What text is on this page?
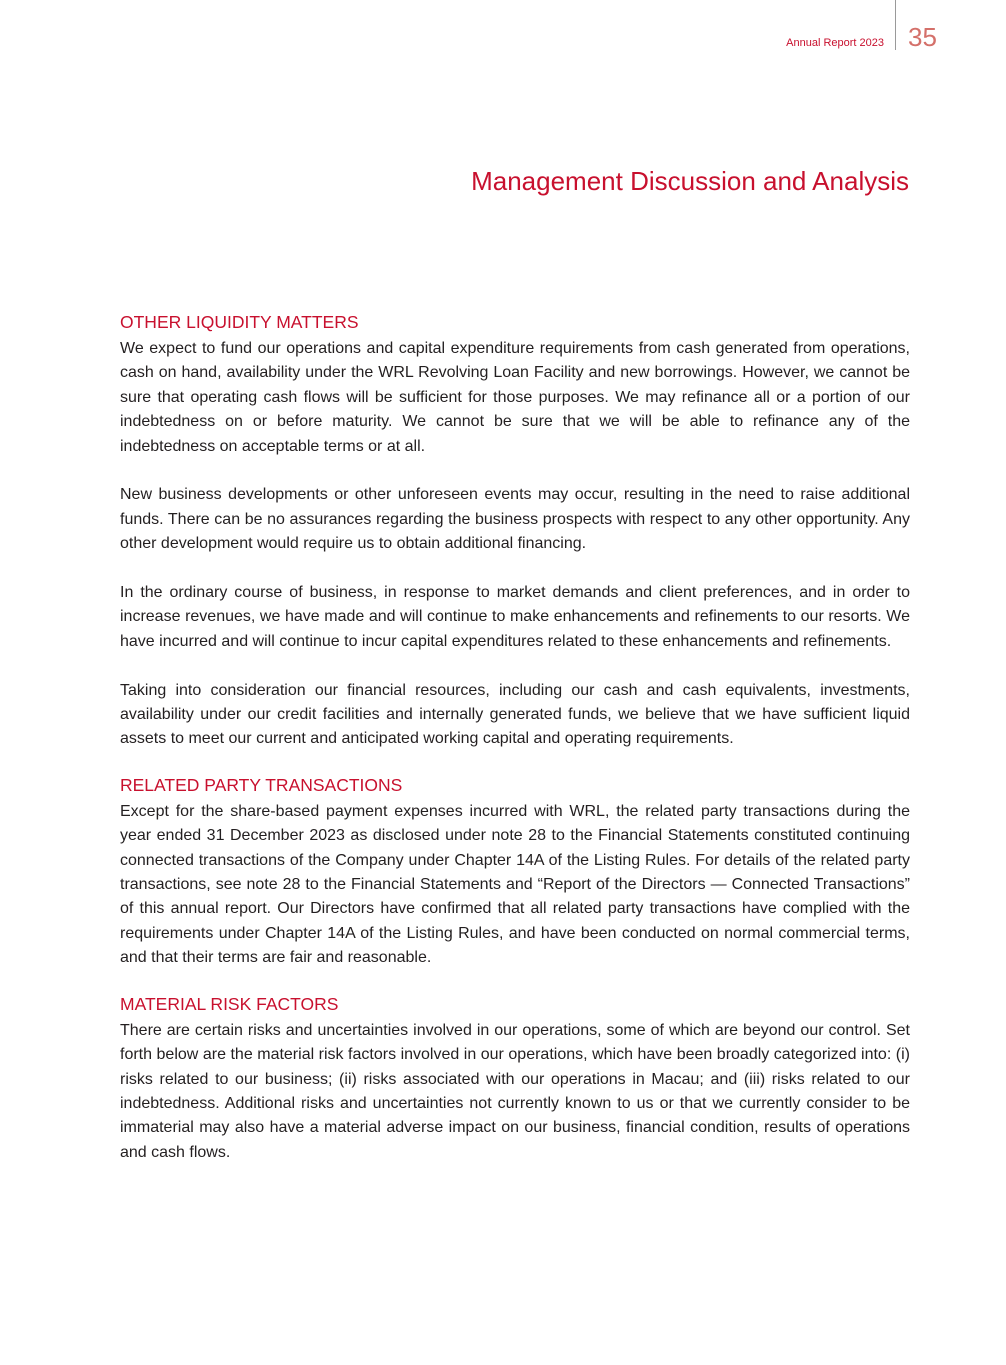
Annual Report 2023 35
Management Discussion and Analysis
OTHER LIQUIDITY MATTERS

We expect to fund our operations and capital expenditure requirements from cash generated from operations, cash on hand, availability under the WRL Revolving Loan Facility and new borrowings. However, we cannot be sure that operating cash flows will be sufficient for those purposes. We may refinance all or a portion of our indebtedness on or before maturity. We cannot be sure that we will be able to refinance any of the indebtedness on acceptable terms or at all.

New business developments or other unforeseen events may occur, resulting in the need to raise additional funds. There can be no assurances regarding the business prospects with respect to any other opportunity. Any other development would require us to obtain additional financing.

In the ordinary course of business, in response to market demands and client preferences, and in order to increase revenues, we have made and will continue to make enhancements and refinements to our resorts. We have incurred and will continue to incur capital expenditures related to these enhancements and refinements.

Taking into consideration our financial resources, including our cash and cash equivalents, investments, availability under our credit facilities and internally generated funds, we believe that we have sufficient liquid assets to meet our current and anticipated working capital and operating requirements.

RELATED PARTY TRANSACTIONS

Except for the share-based payment expenses incurred with WRL, the related party transactions during the year ended 31 December 2023 as disclosed under note 28 to the Financial Statements constituted continuing connected transactions of the Company under Chapter 14A of the Listing Rules. For details of the related party transactions, see note 28 to the Financial Statements and “Report of the Directors — Connected Transactions” of this annual report. Our Directors have confirmed that all related party transactions have complied with the requirements under Chapter 14A of the Listing Rules, and have been conducted on normal commercial terms, and that their terms are fair and reasonable.

MATERIAL RISK FACTORS

There are certain risks and uncertainties involved in our operations, some of which are beyond our control. Set forth below are the material risk factors involved in our operations, which have been broadly categorized into: (i) risks related to our business; (ii) risks associated with our operations in Macau; and (iii) risks related to our indebtedness. Additional risks and uncertainties not currently known to us or that we currently consider to be immaterial may also have a material adverse impact on our business, financial condition, results of operations and cash flows.
